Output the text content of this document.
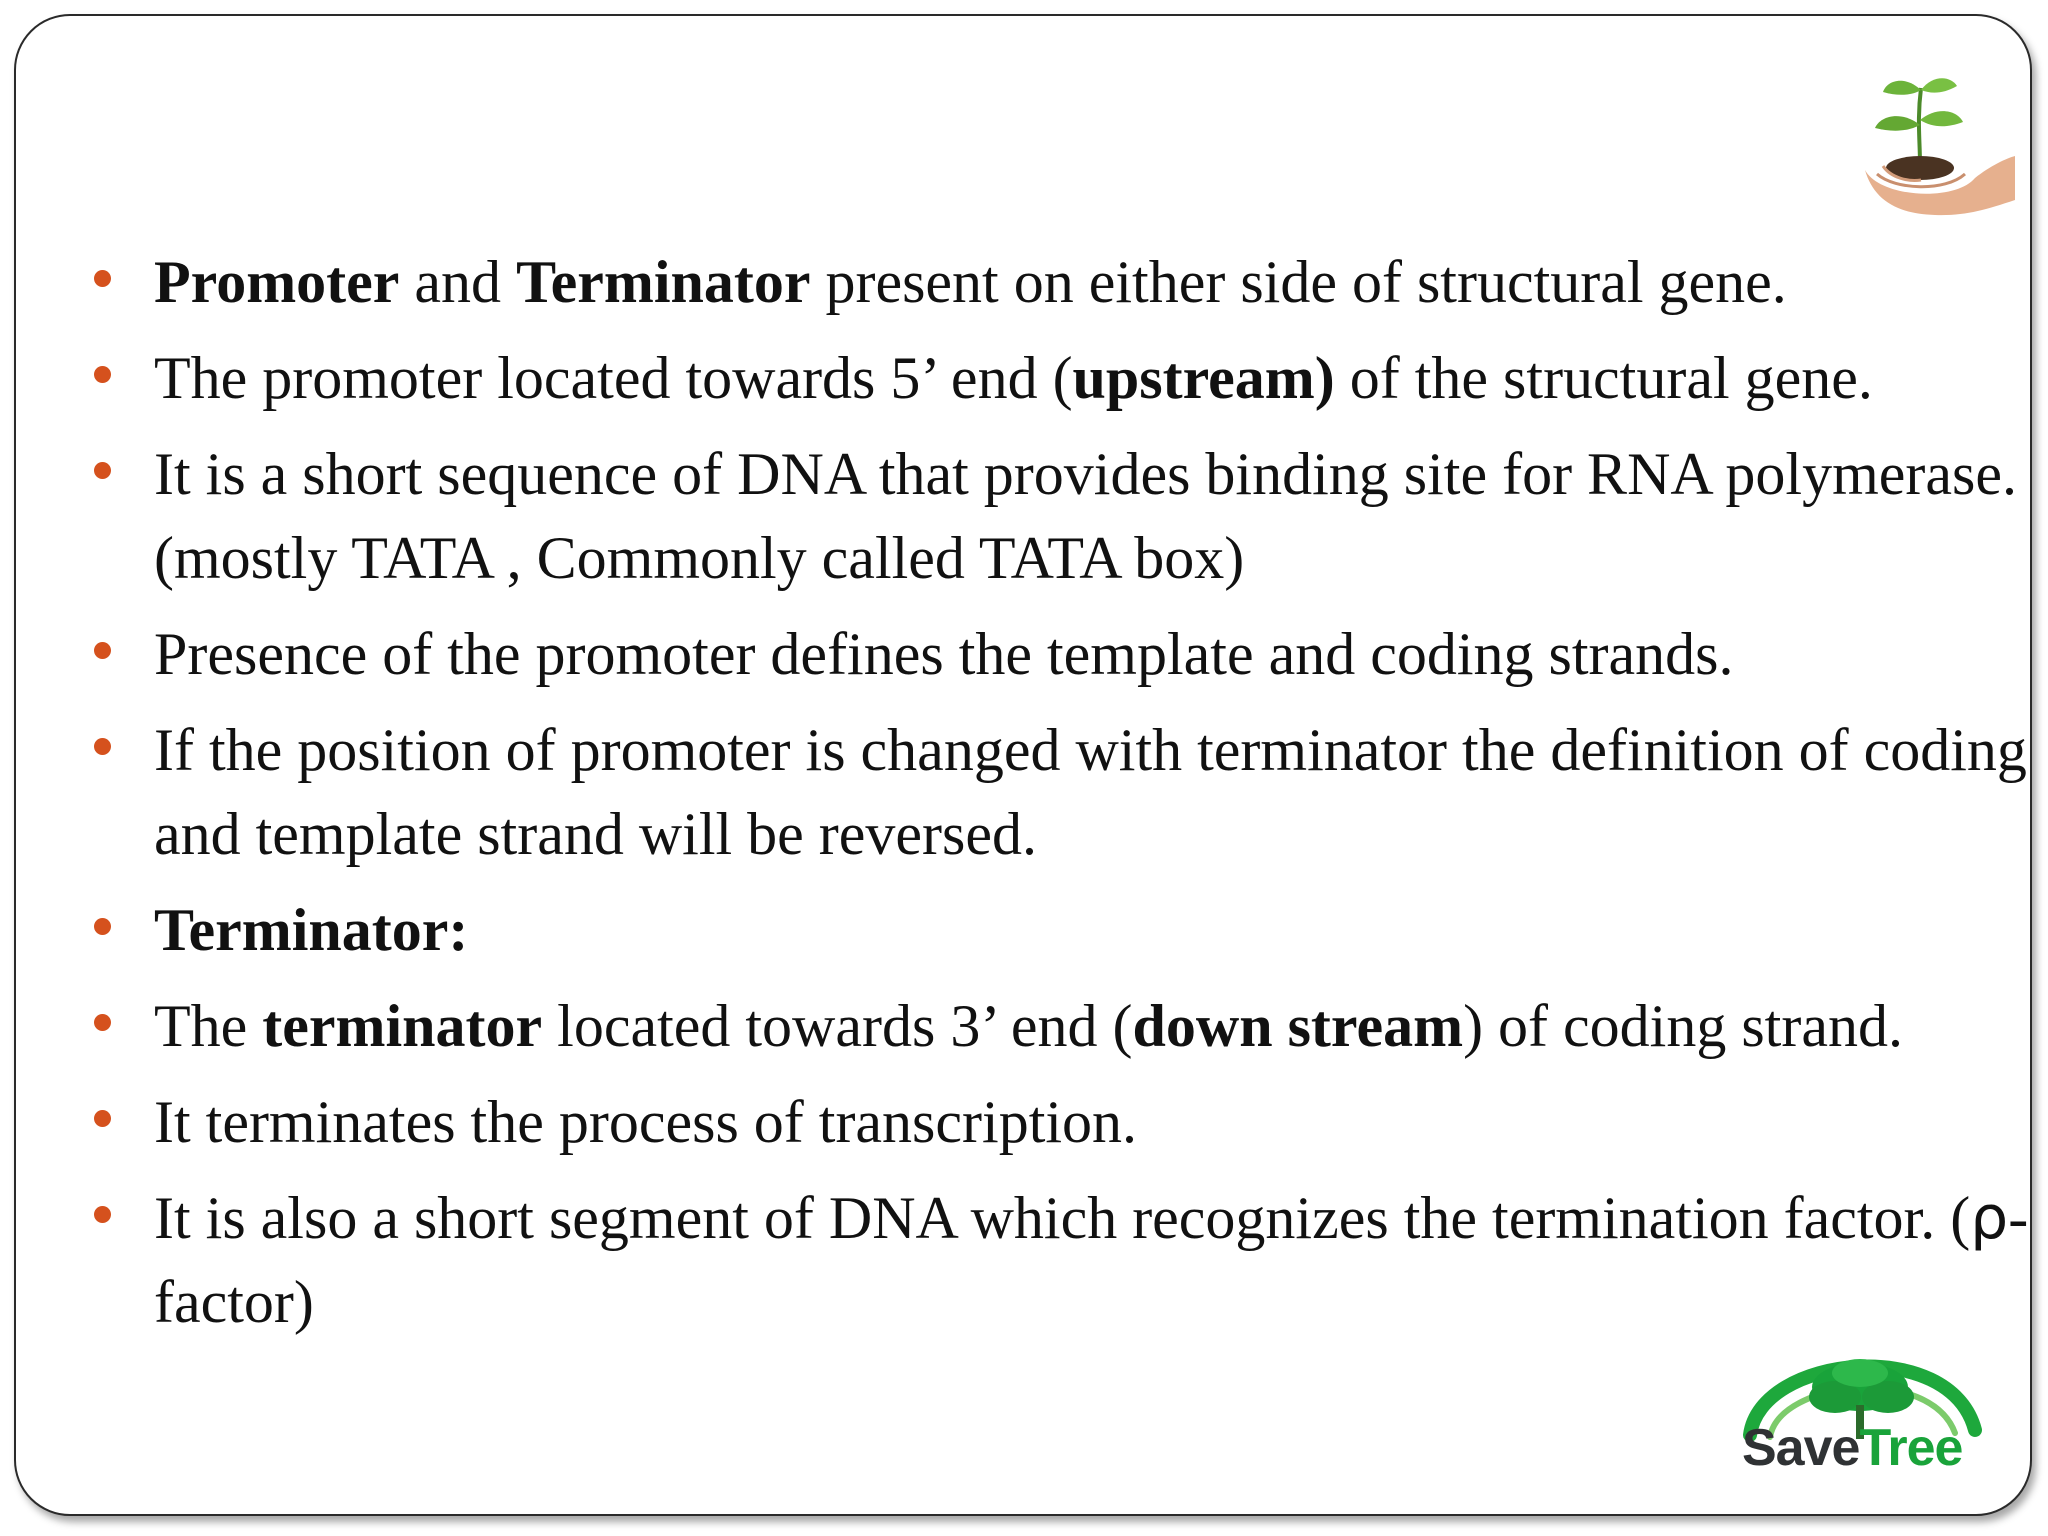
Promoter and Terminator present on either side of structural gene.
The promoter located towards 5’ end (upstream) of the structural gene.
It is a short sequence of DNA that provides binding site for RNA polymerase. (mostly TATA , Commonly called TATA box)
Presence of the promoter defines the template and coding strands.
If the position of promoter is changed with terminator the definition of coding and template strand will be reversed.
Terminator:
The terminator located towards 3’ end (down stream) of coding strand.
It terminates the process of transcription.
It is also a short segment of DNA which recognizes the termination factor. (ρ-factor)
SaveTree
